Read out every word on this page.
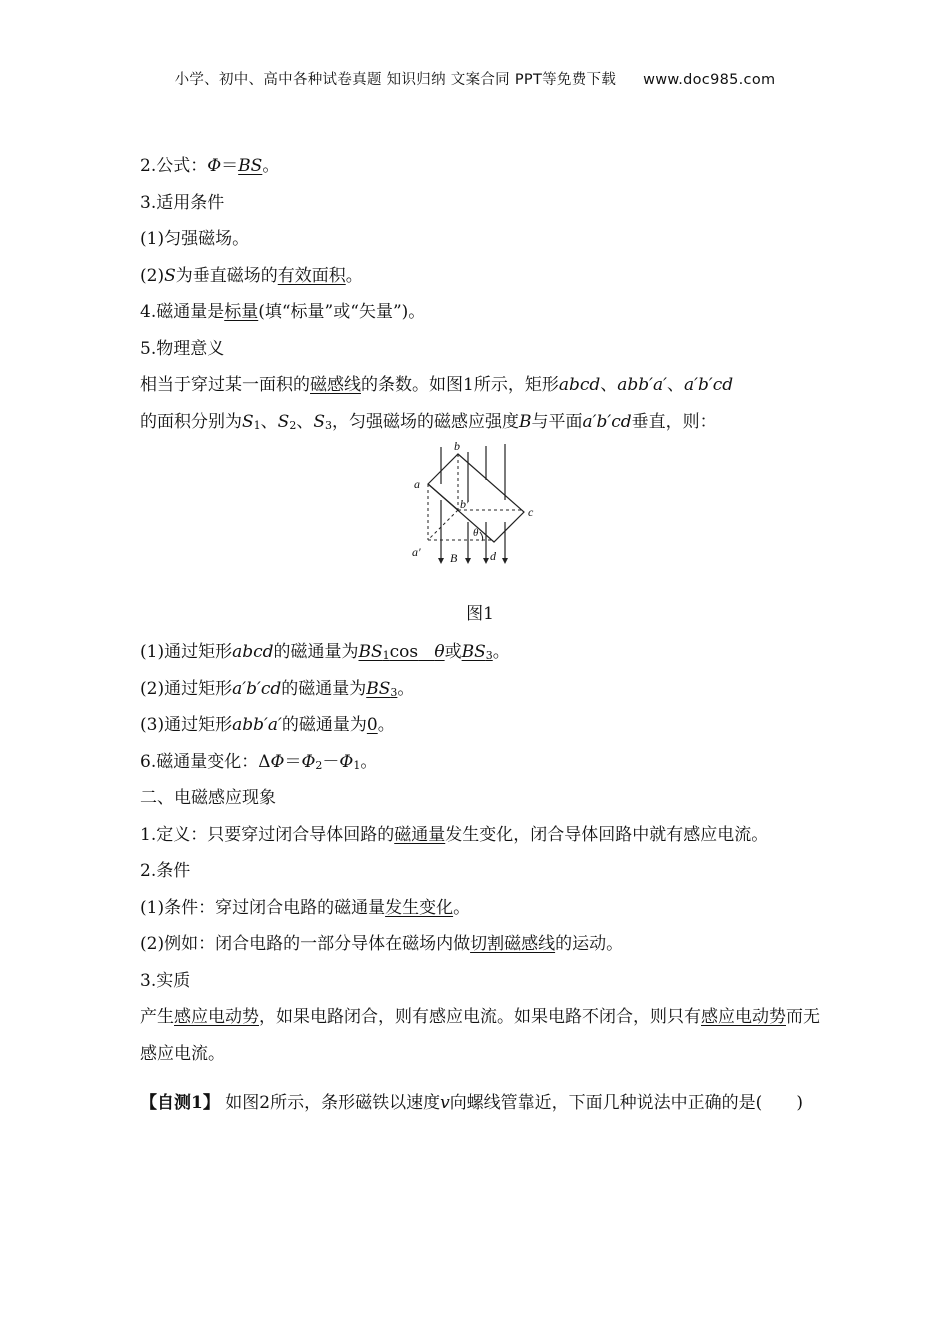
小学、初中、高中各种试卷真题 知识归纳 文案合同 PPT等免费下载 www.doc985.com
2.公式：Φ＝BS。
3.适用条件
(1)匀强磁场。
(2)S为垂直磁场的有效面积。
4.磁通量是标量(填“标量”或“矢量”)。
5.物理意义
相当于穿过某一面积的磁感线的条数。如图1所示，矩形abcd、abb′a′、a′b′cd
的面积分别为$S_1$、$S_2$、$S_3$，匀强磁场的磁感应强度B与平面a′b′cd垂直，则：
a
b
b′
c
d
a′ B
θ
图1
(1)通过矩形abcd的磁通量为$BS_1\cos$ θ或$BS_3$。
(2)通过矩形a′b′cd的磁通量为$BS_3$。
(3)通过矩形abb′a′的磁通量为0。
6.磁通量变化：$\Delta\Phi=\Phi_2-\Phi_1$。
二、电磁感应现象
1.定义：只要穿过闭合导体回路的磁通量发生变化，闭合导体回路中就有感应电流。
2.条件
(1)条件：穿过闭合电路的磁通量发生变化。
(2)例如：闭合电路的一部分导体在磁场内做切割磁感线的运动。
3.实质
产生感应电动势，如果电路闭合，则有感应电流。如果电路不闭合，则只有感应电动势而无感应电流。
【自测1】 如图2所示，条形磁铁以速度v向螺线管靠近，下面几种说法中正确的是(　　)
